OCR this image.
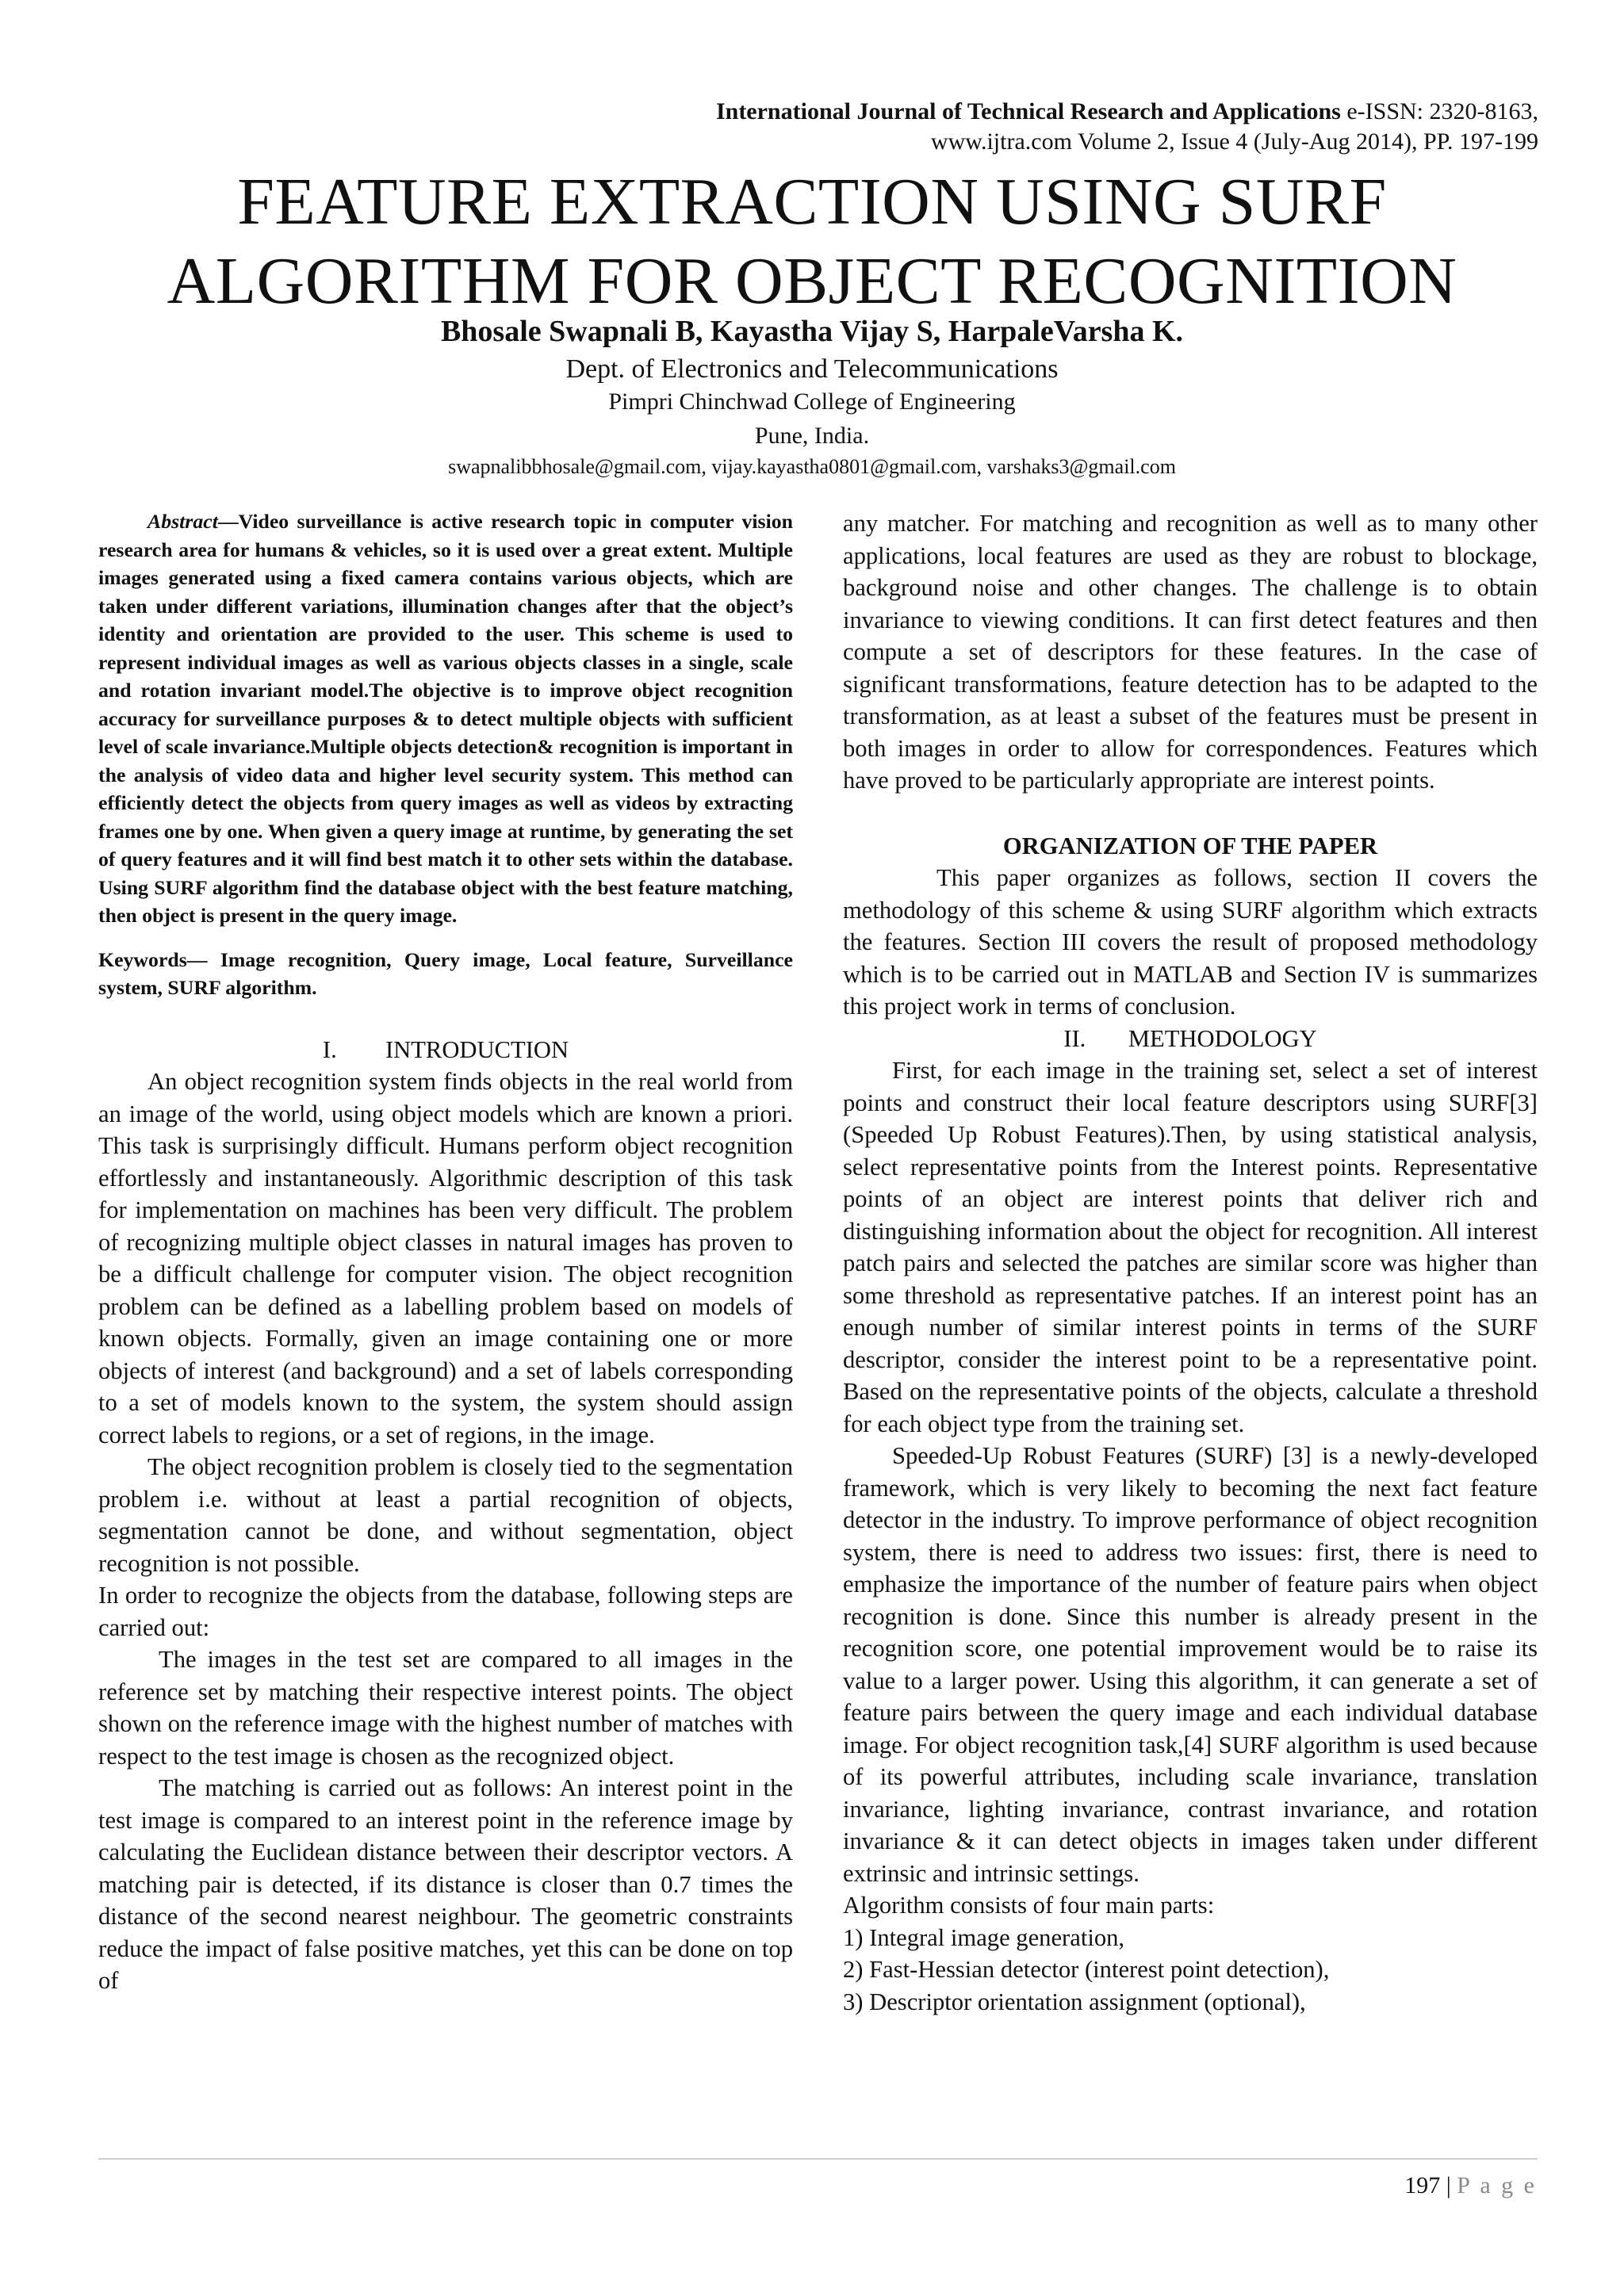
International Journal of Technical Research and Applications e-ISSN: 2320-8163,
www.ijtra.com Volume 2, Issue 4 (July-Aug 2014), PP. 197-199
FEATURE EXTRACTION USING SURF
ALGORITHM FOR OBJECT RECOGNITION
Bhosale Swapnali B, Kayastha Vijay S, HarpaleVarsha K.
Dept. of Electronics and Telecommunications
Pimpri Chinchwad College of Engineering
Pune, India.
swapnalibbhosale@gmail.com, vijay.kayastha0801@gmail.com, varshaks3@gmail.com

Abstract—Video surveillance is active research topic in computer vision research area for humans & vehicles, so it is used over a great extent. Multiple images generated using a fixed camera contains various objects, which are taken under different variations, illumination changes after that the object’s identity and orientation are provided to the user. This scheme is used to represent individual images as well as various objects classes in a single, scale and rotation invariant model.The objective is to improve object recognition accuracy for surveillance purposes & to detect multiple objects with sufficient level of scale invariance.Multiple objects detection& recognition is important in the analysis of video data and higher level security system. This method can efficiently detect the objects from query images as well as videos by extracting frames one by one. When given a query image at runtime, by generating the set of query features and it will find best match it to other sets within the database. Using SURF algorithm find the database object with the best feature matching, then object is present in the query image.

Keywords— Image recognition, Query image, Local feature, Surveillance system, SURF algorithm.

I.        INTRODUCTION

An object recognition system finds objects in the real world from an image of the world, using object models which are known a priori. This task is surprisingly difficult. Humans perform object recognition effortlessly and instantaneously. Algorithmic description of this task for implementation on machines has been very difficult. The problem of recognizing multiple object classes in natural images has proven to be a difficult challenge for computer vision. The object recognition problem can be defined as a labelling problem based on models of known objects. Formally, given an image containing one or more objects of interest (and background) and a set of labels corresponding to a set of models known to the system, the system should assign correct labels to regions, or a set of regions, in the image.

The object recognition problem is closely tied to the segmentation problem i.e. without at least a partial recognition of objects, segmentation cannot be done, and without segmentation, object recognition is not possible.

In order to recognize the objects from the database, following steps are carried out:

The images in the test set are compared to all images in the reference set by matching their respective interest points. The object shown on the reference image with the highest number of matches with respect to the test image is chosen as the recognized object.

The matching is carried out as follows: An interest point in the test image is compared to an interest point in the reference image by calculating the Euclidean distance between their descriptor vectors. A matching pair is detected, if its distance is closer than 0.7 times the distance of the second nearest neighbour. The geometric constraints reduce the impact of false positive matches, yet this can be done on top of

any matcher. For matching and recognition as well as to many other applications, local features are used as they are robust to blockage, background noise and other changes. The challenge is to obtain invariance to viewing conditions. It can first detect features and then compute a set of descriptors for these features. In the case of significant transformations, feature detection has to be adapted to the transformation, as at least a subset of the features must be present in both images in order to allow for correspondences. Features which have proved to be particularly appropriate are interest points.

ORGANIZATION OF THE PAPER

This paper organizes as follows, section II covers the methodology of this scheme & using SURF algorithm which extracts the features. Section III covers the result of proposed methodology which is to be carried out in MATLAB and Section IV is summarizes this project work in terms of conclusion.

II.       METHODOLOGY

First, for each image in the training set, select a set of interest points and construct their local feature descriptors using SURF[3] (Speeded Up Robust Features).Then, by using statistical analysis, select representative points from the Interest points. Representative points of an object are interest points that deliver rich and distinguishing information about the object for recognition. All interest patch pairs and selected the patches are similar score was higher than some threshold as representative patches. If an interest point has an enough number of similar interest points in terms of the SURF descriptor, consider the interest point to be a representative point. Based on the representative points of the objects, calculate a threshold for each object type from the training set.

Speeded-Up Robust Features (SURF) [3] is a newly-developed framework, which is very likely to becoming the next fact feature detector in the industry. To improve performance of object recognition system, there is need to address two issues: first, there is need to emphasize the importance of the number of feature pairs when object recognition is done. Since this number is already present in the recognition score, one potential improvement would be to raise its value to a larger power. Using this algorithm, it can generate a set of feature pairs between the query image and each individual database image. For object recognition task,[4] SURF algorithm is used because of its powerful attributes, including scale invariance, translation invariance, lighting invariance, contrast invariance, and rotation invariance & it can detect objects in images taken under different extrinsic and intrinsic settings.

Algorithm consists of four main parts:

1) Integral image generation,

2) Fast-Hessian detector (interest point detection),

3) Descriptor orientation assignment (optional),

197 | P a g e
